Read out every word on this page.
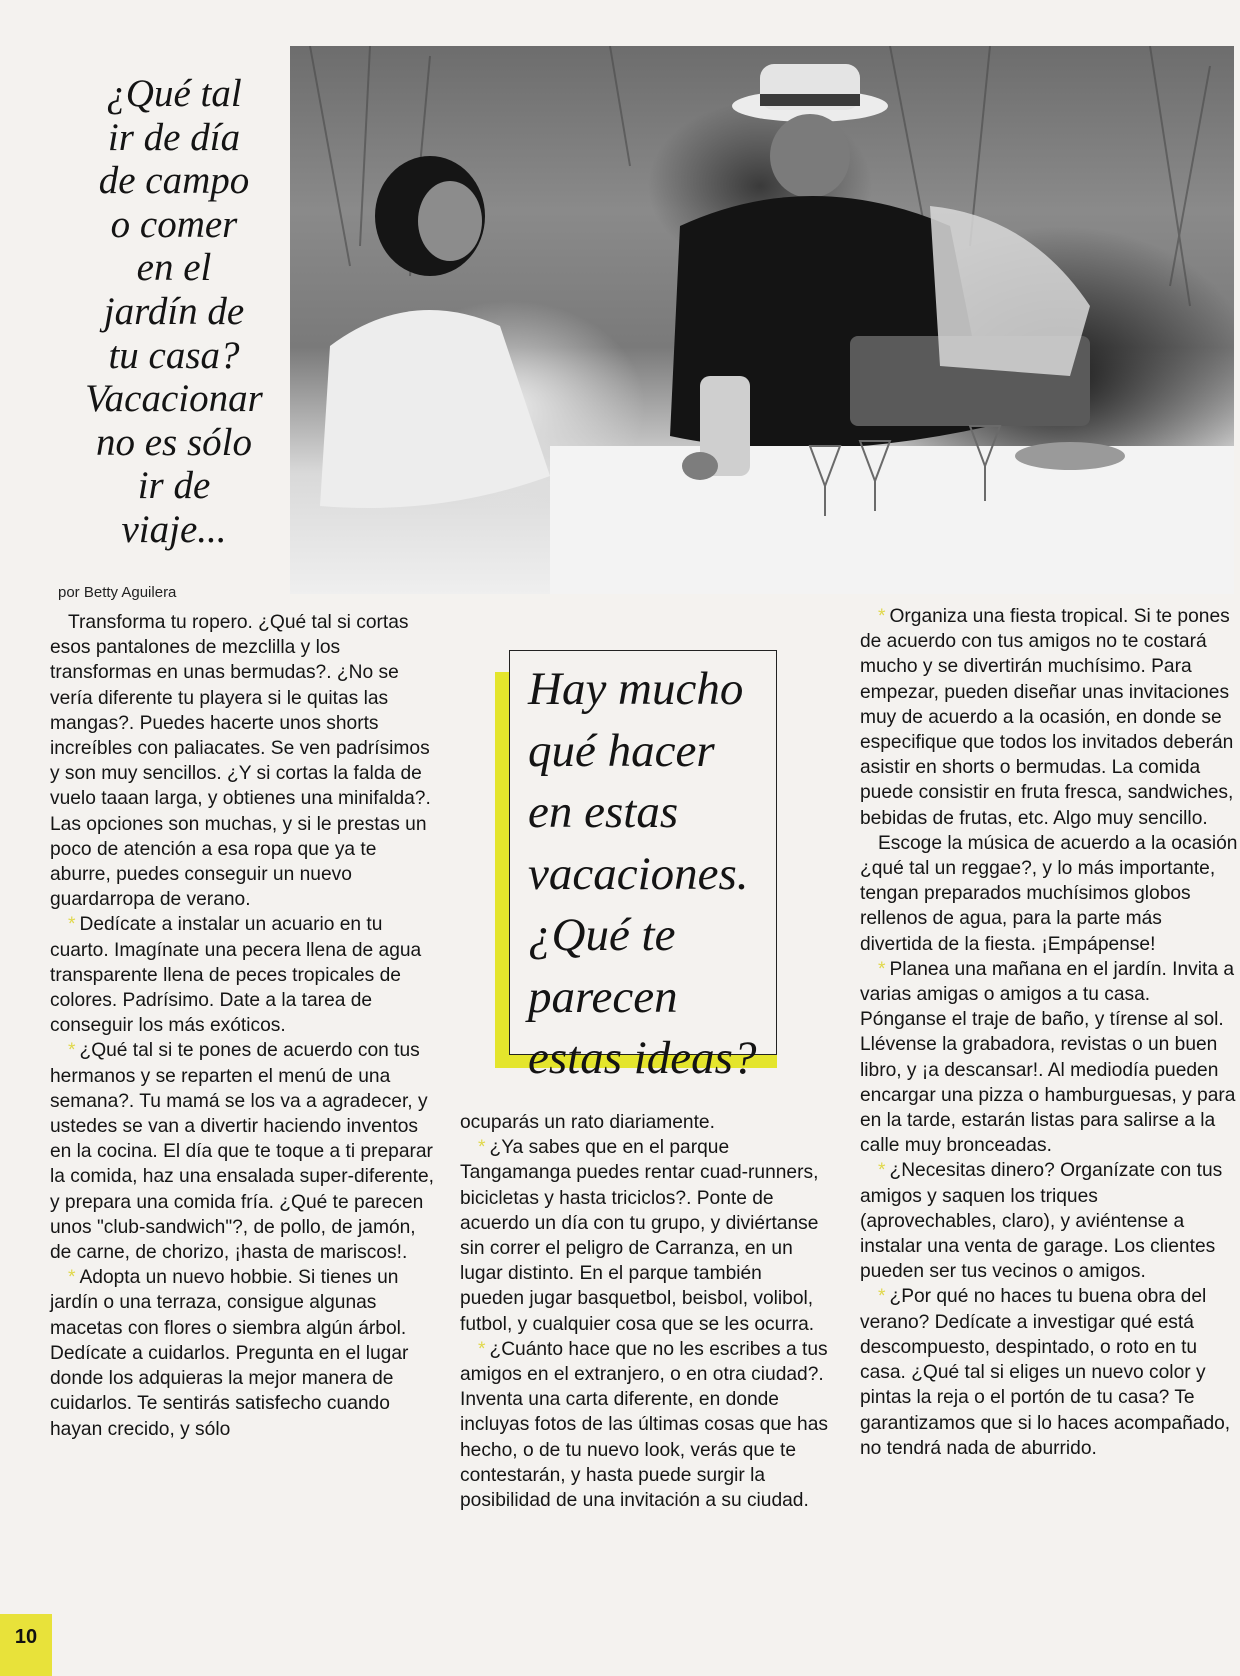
¿Qué tal
ir de día
de campo
o comer
en el
jardín de
tu casa?
Vacacionar
no es sólo
ir de
viaje...
por Betty Aguilera

Transforma tu ropero. ¿Qué tal si cortas esos pantalones de mezclilla y los transformas en unas bermudas?. ¿No se vería diferente tu playera si le quitas las mangas?. Puedes hacerte unos shorts increíbles con paliacates. Se ven padrísimos y son muy sencillos. ¿Y si cortas la falda de vuelo taaan larga, y obtienes una minifalda?. Las opciones son muchas, y si le prestas un poco de atención a esa ropa que ya te aburre, puedes conseguir un nuevo guardarropa de verano.

* Dedícate a instalar un acuario en tu cuarto. Imagínate una pecera llena de agua transparente llena de peces tropicales de colores. Padrísimo. Date a la tarea de conseguir los más exóticos.

* ¿Qué tal si te pones de acuerdo con tus hermanos y se reparten el menú de una semana?. Tu mamá se los va a agradecer, y ustedes se van a divertir haciendo inventos en la cocina. El día que te toque a ti preparar la comida, haz una ensalada super-diferente, y prepara una comida fría. ¿Qué te parecen unos "club-sandwich"?, de pollo, de jamón, de carne, de chorizo, ¡hasta de mariscos!.

* Adopta un nuevo hobbie. Si tienes un jardín o una terraza, consigue algunas macetas con flores o siembra algún árbol. Dedícate a cuidarlos. Pregunta en el lugar donde los adquieras la mejor manera de cuidarlos. Te sentirás satisfecho cuando hayan crecido, y sólo

Hay mucho
qué hacer
en estas
vacaciones.
¿Qué te
parecen
estas ideas?

ocuparás un rato diariamente.

* ¿Ya sabes que en el parque Tangamanga puedes rentar cuad-runners, bicicletas y hasta triciclos?. Ponte de acuerdo un día con tu grupo, y diviértanse sin correr el peligro de Carranza, en un lugar distinto. En el parque también pueden jugar basquetbol, beisbol, volibol, futbol, y cualquier cosa que se les ocurra.

* ¿Cuánto hace que no les escribes a tus amigos en el extranjero, o en otra ciudad?. Inventa una carta diferente, en donde incluyas fotos de las últimas cosas que has hecho, o de tu nuevo look, verás que te contestarán, y hasta puede surgir la posibilidad de una invitación a su ciudad.

* Organiza una fiesta tropical. Si te pones de acuerdo con tus amigos no te costará mucho y se divertirán muchísimo. Para empezar, pueden diseñar unas invitaciones muy de acuerdo a la ocasión, en donde se especifique que todos los invitados deberán asistir en shorts o bermudas. La comida puede consistir en fruta fresca, sandwiches, bebidas de frutas, etc. Algo muy sencillo.

Escoge la música de acuerdo a la ocasión ¿qué tal un reggae?, y lo más importante, tengan preparados muchísimos globos rellenos de agua, para la parte más divertida de la fiesta. ¡Empápense!

* Planea una mañana en el jardín. Invita a varias amigas o amigos a tu casa. Pónganse el traje de baño, y tírense al sol. Llévense la grabadora, revistas o un buen libro, y ¡a descansar!. Al mediodía pueden encargar una pizza o hamburguesas, y para en la tarde, estarán listas para salirse a la calle muy bronceadas.

* ¿Necesitas dinero? Organízate con tus amigos y saquen los triques (aprovechables, claro), y aviéntense a instalar una venta de garage. Los clientes pueden ser tus vecinos o amigos.

* ¿Por qué no haces tu buena obra del verano? Dedícate a investigar qué está descompuesto, despintado, o roto en tu casa. ¿Qué tal si eliges un nuevo color y pintas la reja o el portón de tu casa? Te garantizamos que si lo haces acompañado, no tendrá nada de aburrido.

10
